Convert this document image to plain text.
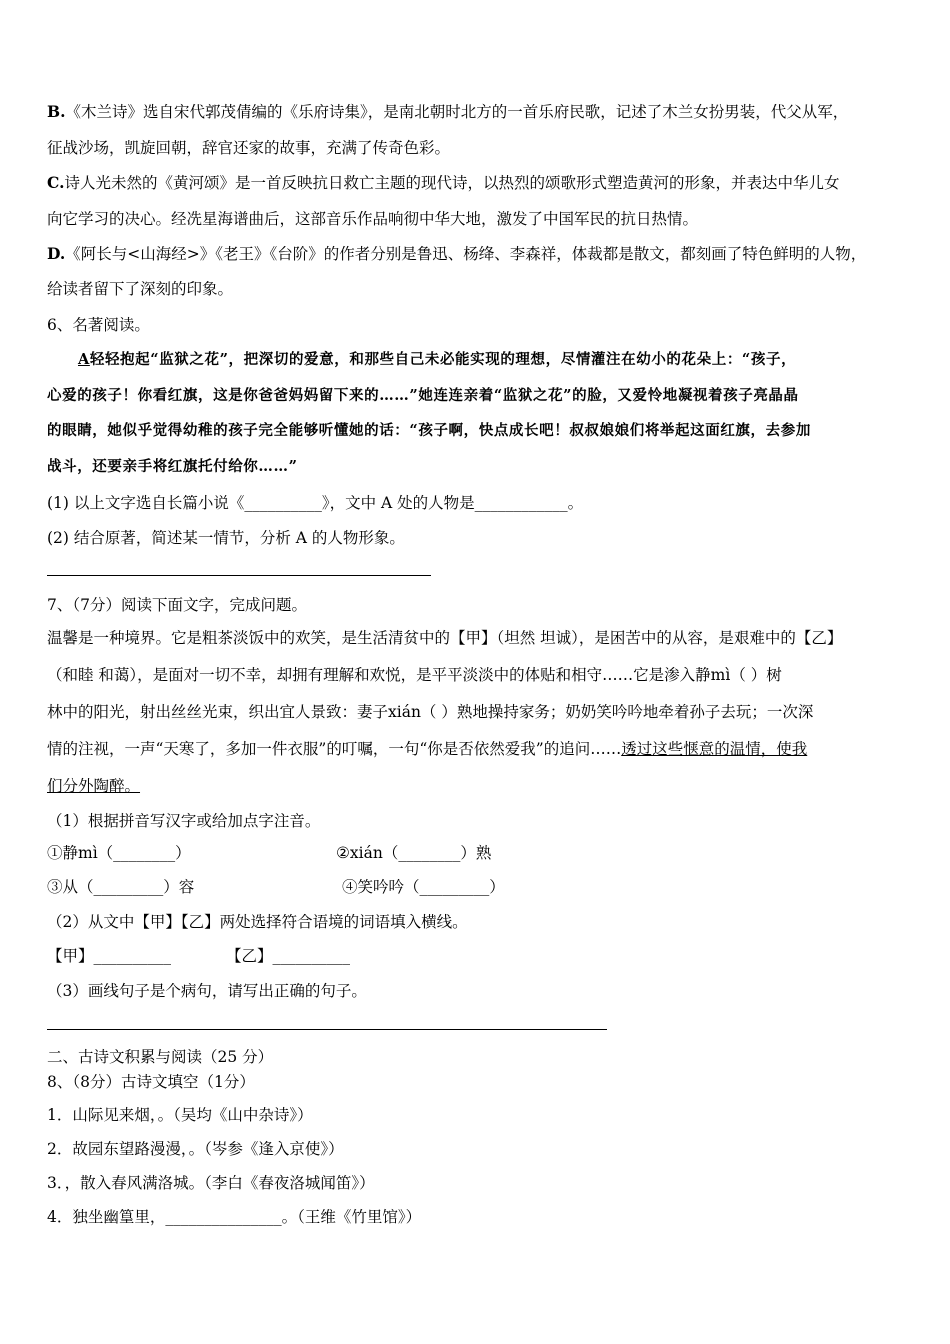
B.《木兰诗》选自宋代郭茂倩编的《乐府诗集》，是南北朝时北方的一首乐府民歌，记述了木兰女扮男装，代父从军，
征战沙场，凯旋回朝，辞官还家的故事，充满了传奇色彩。
C.诗人光未然的《黄河颂》是一首反映抗日救亡主题的现代诗，以热烈的颂歌形式塑造黄河的形象，并表达中华儿女
向它学习的决心。经冼星海谱曲后，这部音乐作品响彻中华大地，激发了中国军民的抗日热情。
D.《阿长与<山海经>》《老王》《台阶》的作者分别是鲁迅、杨绛、李森祥，体裁都是散文，都刻画了特色鲜明的人物，
给读者留下了深刻的印象。
6、名著阅读。
A轻轻抱起“监狱之花”，把深切的爱意，和那些自己未必能实现的理想，尽情灌注在幼小的花朵上：“孩子，
心爱的孩子！你看红旗，这是你爸爸妈妈留下来的……”她连连亲着“监狱之花”的脸，又爱怜地凝视着孩子亮晶晶
的眼睛，她似乎觉得幼稚的孩子完全能够听懂她的话：“孩子啊，快点成长吧！叔叔娘娘们将举起这面红旗，去参加
战斗，还要亲手将红旗托付给你……”
(1) 以上文字选自长篇小说《__________》，文中 A 处的人物是____________。
(2) 结合原著，简述某一情节，分析 A 的人物形象。
7、（7分）阅读下面文字，完成问题。
温馨是一种境界。它是粗茶淡饭中的欢笑，是生活清贫中的【甲】（坦然 坦诚），是困苦中的从容，是艰难中的【乙】
（和睦 和蔼），是面对一切不幸，却拥有理解和欢悦，是平平淡淡中的体贴和相守……它是渗入静mì（ ）树
林中的阳光，射出丝丝光束，织出宜人景致：妻子xián（ ）熟地操持家务；奶奶笑吟吟地牵着孙子去玩；一次深
情的注视，一声“天寒了，多加一件衣服”的叮嘱，一句“你是否依然爱我”的追问……透过这些惬意的温情，使我
们分外陶醉。
（1）根据拼音写汉字或给加点字注音。
①静mì（________）	②xián（________）熟
③从（_________）容	④笑吟吟（_________）
（2）从文中【甲】【乙】两处选择符合语境的词语填入横线。
【甲】__________	【乙】__________
（3）画线句子是个病句，请写出正确的句子。
二、古诗文积累与阅读（25 分）
8、（8分）古诗文填空（1分）
1．山际见来烟，。（吴均《山中杂诗》）
2．故园东望路漫漫，。（岑参《逢入京使》）
3．，散入春风满洛城。（李白《春夜洛城闻笛》）
4．独坐幽篁里，_______________。（王维《竹里馆》）
